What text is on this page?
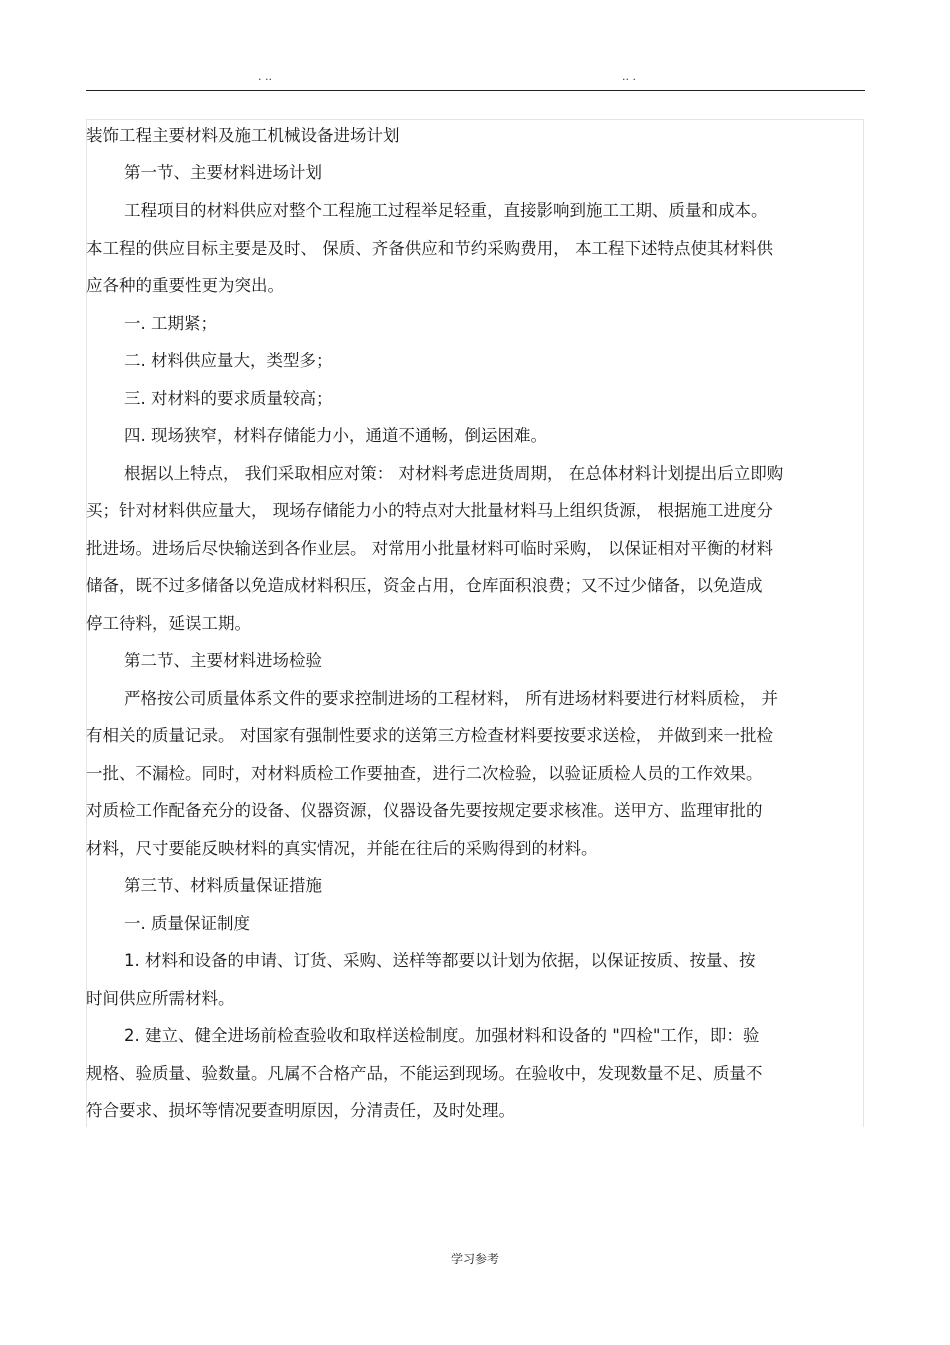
. ..	.. .
装饰工程主要材料及施工机械设备进场计划
第一节、主要材料进场计划
工程项目的材料供应对整个工程施工过程举足轻重，直接影响到施工工期、质量和成本。
本工程的供应目标主要是及时、 保质、齐备供应和节约采购费用， 本工程下述特点使其材料供
应各种的重要性更为突出。
一. 工期紧；
二. 材料供应量大，类型多；
三. 对材料的要求质量较高；
四. 现场狭窄，材料存储能力小，通道不通畅，倒运困难。
根据以上特点， 我们采取相应对策： 对材料考虑进货周期， 在总体材料计划提出后立即购
买；针对材料供应量大， 现场存储能力小的特点对大批量材料马上组织货源， 根据施工进度分
批进场。进场后尽快输送到各作业层。 对常用小批量材料可临时采购， 以保证相对平衡的材料
储备，既不过多储备以免造成材料积压，资金占用，仓库面积浪费；又不过少储备，以免造成
停工待料，延误工期。
第二节、主要材料进场检验
严格按公司质量体系文件的要求控制进场的工程材料， 所有进场材料要进行材料质检， 并
有相关的质量记录。 对国家有强制性要求的送第三方检查材料要按要求送检， 并做到来一批检
一批、不漏检。同时，对材料质检工作要抽查，进行二次检验，以验证质检人员的工作效果。
对质检工作配备充分的设备、仪器资源，仪器设备先要按规定要求核准。送甲方、监理审批的
材料，尺寸要能反映材料的真实情况，并能在往后的采购得到的材料。
第三节、材料质量保证措施
一. 质量保证制度
1. 材料和设备的申请、订货、采购、送样等都要以计划为依据，以保证按质、按量、按
时间供应所需材料。
2. 建立、健全进场前检查验收和取样送检制度。加强材料和设备的 "四检"工作，即：验
规格、验质量、验数量。凡属不合格产品，不能运到现场。在验收中，发现数量不足、质量不
符合要求、损坏等情况要查明原因，分清责任，及时处理。
学习参考
